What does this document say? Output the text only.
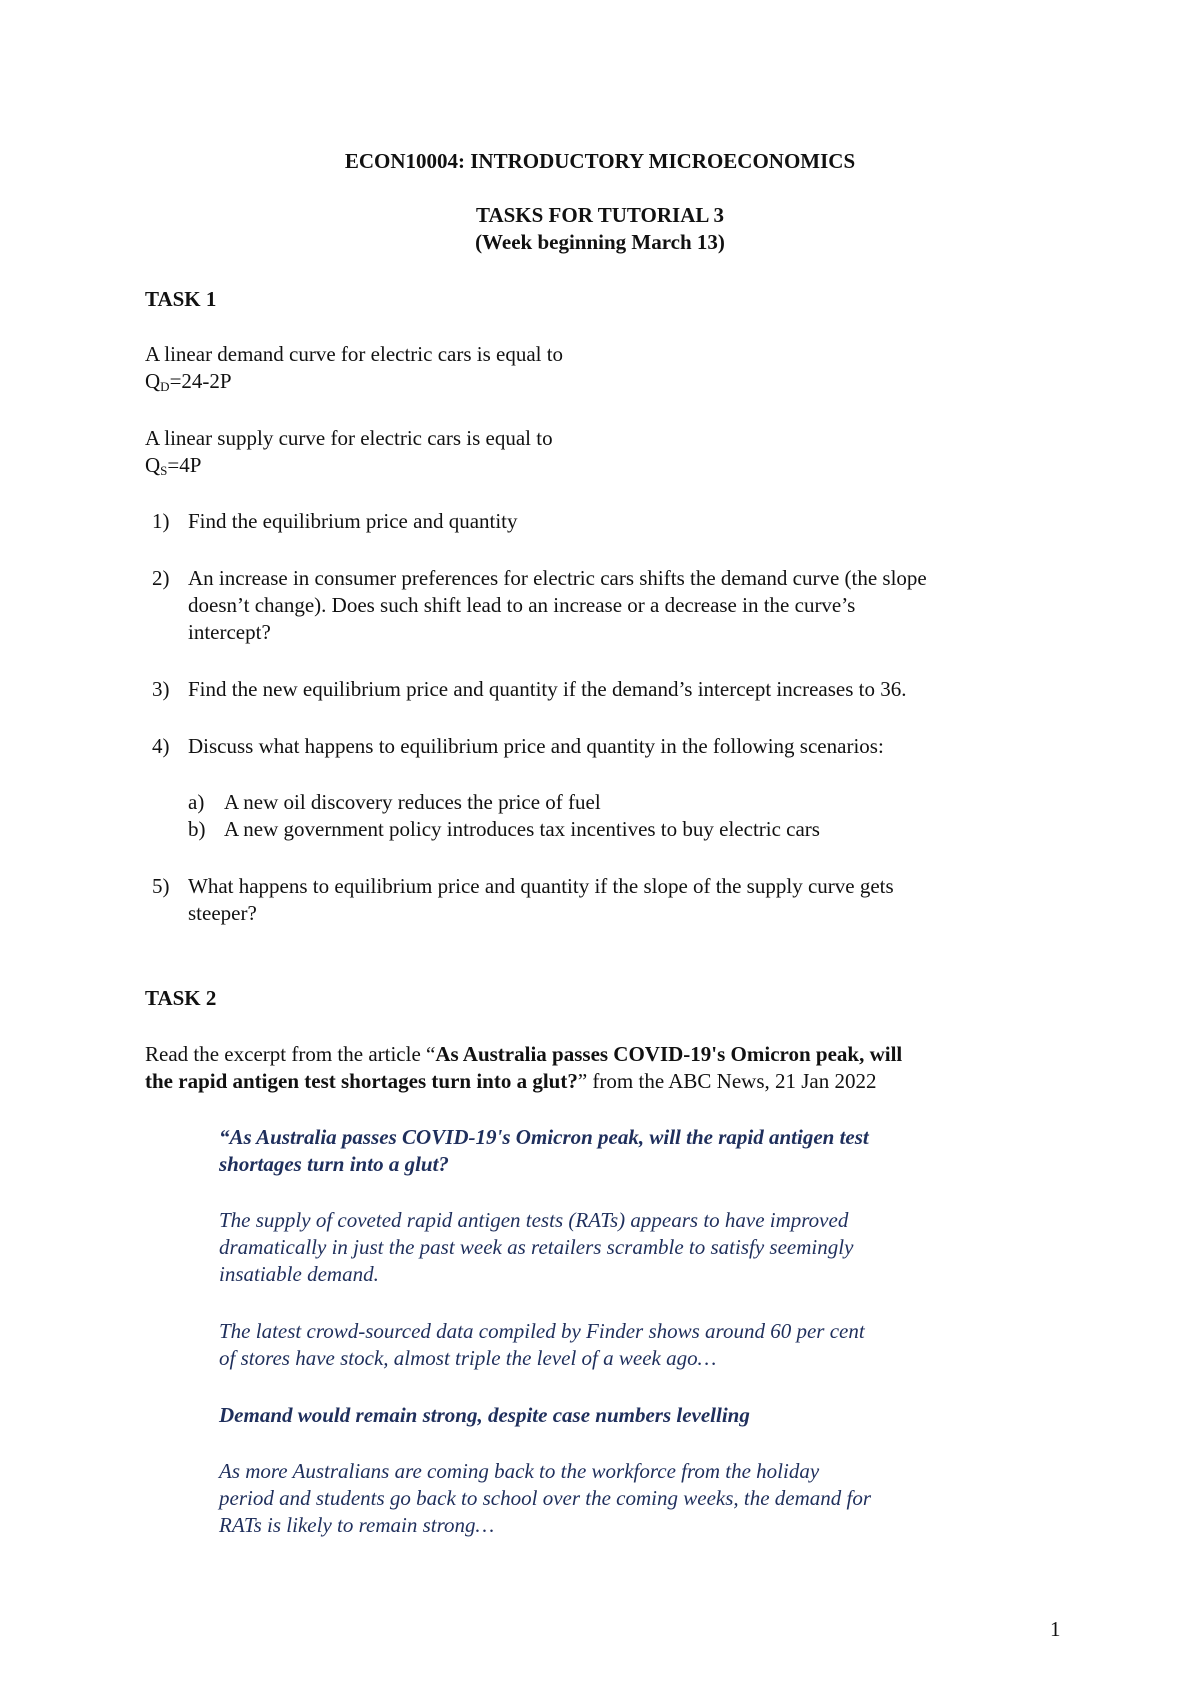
ECON10004: INTRODUCTORY MICROECONOMICS
TASKS FOR TUTORIAL 3
(Week beginning March 13)
TASK 1
A linear demand curve for electric cars is equal to
$Q_D=24-2P$
A linear supply curve for electric cars is equal to
$Q_S=4P$
1) Find the equilibrium price and quantity
2) An increase in consumer preferences for electric cars shifts the demand curve (the slope
doesn’t change). Does such shift lead to an increase or a decrease in the curve’s
intercept?
3) Find the new equilibrium price and quantity if the demand’s intercept increases to 36.
4) Discuss what happens to equilibrium price and quantity in the following scenarios:
a) A new oil discovery reduces the price of fuel
b) A new government policy introduces tax incentives to buy electric cars
5) What happens to equilibrium price and quantity if the slope of the supply curve gets
steeper?
TASK 2
Read the excerpt from the article “As Australia passes COVID-19's Omicron peak, will
the rapid antigen test shortages turn into a glut?” from the ABC News, 21 Jan 2022
“As Australia passes COVID-19's Omicron peak, will the rapid antigen test
shortages turn into a glut?
The supply of coveted rapid antigen tests (RATs) appears to have improved
dramatically in just the past week as retailers scramble to satisfy seemingly
insatiable demand.
The latest crowd-sourced data compiled by Finder shows around 60 per cent
of stores have stock, almost triple the level of a week ago…
Demand would remain strong, despite case numbers levelling
As more Australians are coming back to the workforce from the holiday
period and students go back to school over the coming weeks, the demand for
RATs is likely to remain strong…
1
